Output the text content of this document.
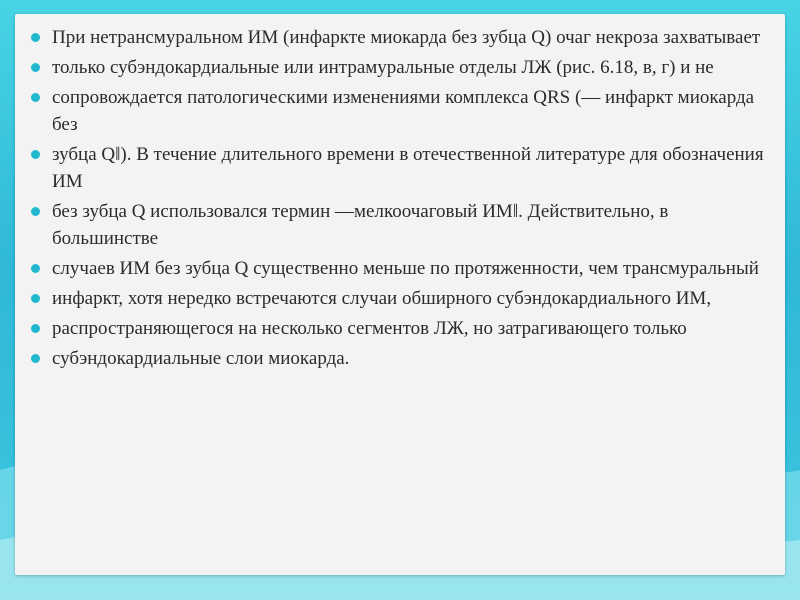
При нетрансмуральном ИМ (инфаркте миокарда без зубца Q) очаг некроза захватывает
только субэндокардиальные или интрамуральные отделы ЛЖ (рис. 6.18, в, г) и не
сопровождается патологическими изменениями комплекса QRS (— инфаркт миокарда без
зубца Q‖). В течение длительного времени в отечественной литературе для обозначения ИМ
без зубца Q использовался термин —мелкоочаговый ИМ‖. Действительно, в большинстве
случаев ИМ без зубца Q существенно меньше по протяженности, чем трансмуральный
инфаркт, хотя нередко встречаются случаи обширного субэндокардиального ИМ,
распространяющегося на несколько сегментов ЛЖ, но затрагивающего только
субэндокардиальные слои миокарда.
